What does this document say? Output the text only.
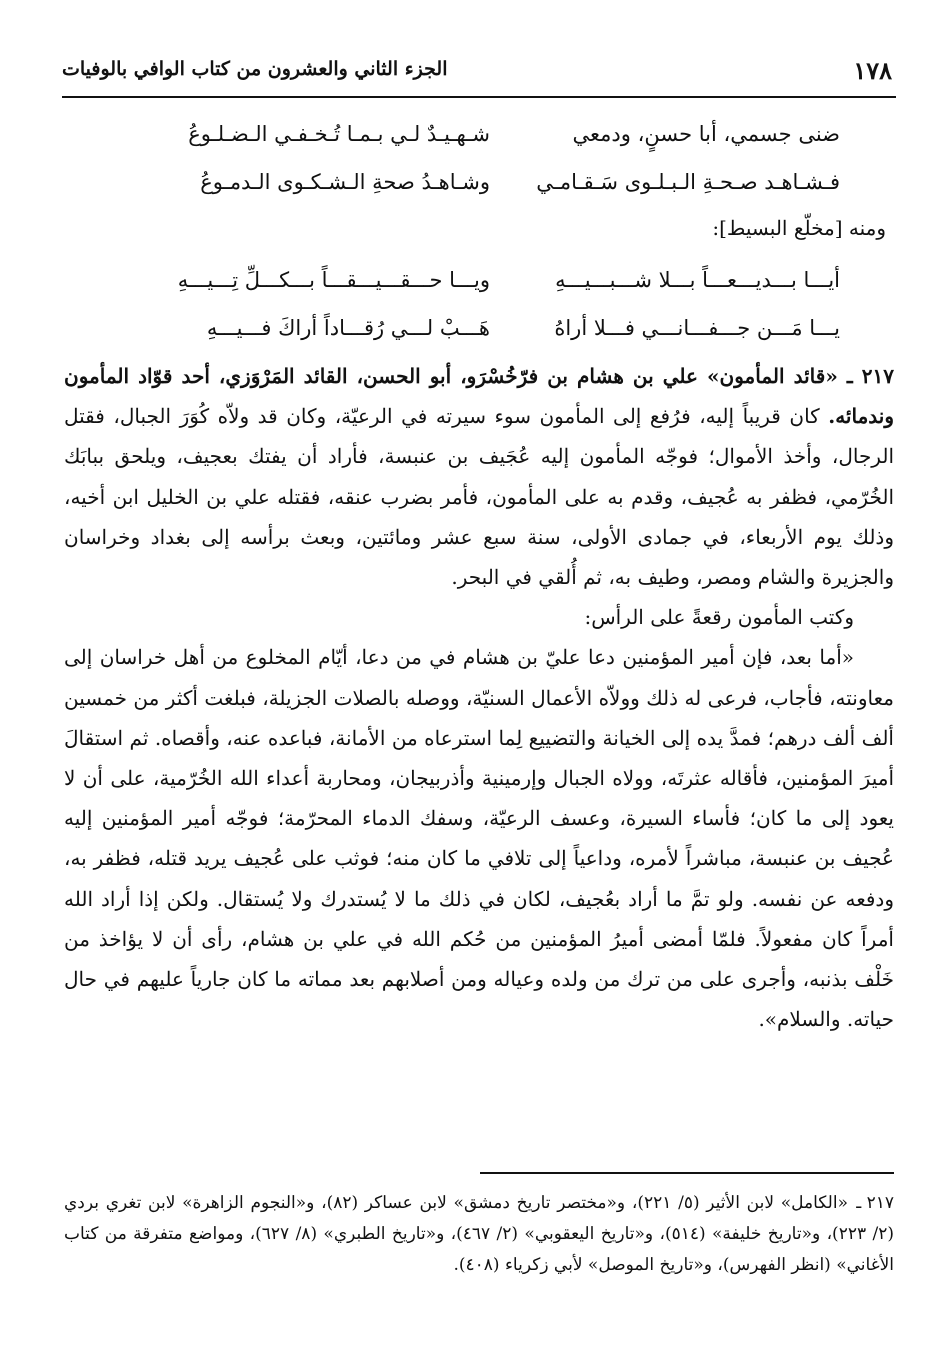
١٧٨
الجزء الثاني والعشرون من كتاب الوافي بالوفيات
ضنى جسمي، أبا حسنٍ، ودمعي
شـهـيـدٌ لـي بـمـا تُـخـفـي الـضـلـوعُ
فـشـاهـد صـحـةِ الـبـلـوى سَـقـامـي
وشـاهـدُ صحةِ الـشـكـوى الـدمـوعُ
ومنه [مخلّع البسيط]:
أيـــا بـــديـــعـــاً بـــلا شـــبـــيـــهِ
ويـــا حـــقـــيـــقـــاً بـــكـــلِّ تِـــيـــهِ
يـــا مَـــن جـــفـــانـــي فـــلا أراهُ
هَـــبْ لـــي رُقـــاداً أراكَ فـــيـــهِ

٢١٧ ـ «قائد المأمون» علي بن هشام بن فرّخُسْرَو، أبو الحسن، القائد المَرْوَزي، أحد قوّاد المأمون وندمائه. كان قريباً إليه، فرُفع إلى المأمون سوء سيرته في الرعيّة، وكان قد ولاّه كُوَرَ الجبال، فقتل الرجال، وأخذ الأموال؛ فوجّه المأمون إليه عُجَيف بن عنبسة، فأراد أن يفتك بعجيف، ويلحق ببابَك الخُرّمي، فظفر به عُجيف، وقدم به على المأمون، فأمر بضرب عنقه، فقتله علي بن الخليل ابن أخيه، وذلك يوم الأربعاء، في جمادى الأولى، سنة سبع عشر ومائتين، وبعث برأسه إلى بغداد وخراسان والجزيرة والشام ومصر، وطيف به، ثم أُلقي في البحر.

وكتب المأمون رقعةً على الرأس:

«أما بعد، فإن أمير المؤمنين دعا عليّ بن هشام في من دعا، أيّام المخلوع من أهل خراسان إلى معاونته، فأجاب، فرعى له ذلك وولاّه الأعمال السنيّة، ووصله بالصلات الجزيلة، فبلغت أكثر من خمسين ألف ألف درهم؛ فمدَّ يده إلى الخيانة والتضييع لِما استرعاه من الأمانة، فباعده عنه، وأقصاه. ثم استقالَ أميرَ المؤمنين، فأقاله عثرتَه، وولاه الجبال وإرمينية وأذربيجان، ومحاربة أعداء الله الخُرّمية، على أن لا يعود إلى ما كان؛ فأساء السيرة، وعسف الرعيّة، وسفك الدماء المحرّمة؛ فوجّه أمير المؤمنين إليه عُجيف بن عنبسة، مباشراً لأمره، وداعياً إلى تلافي ما كان منه؛ فوثب على عُجيف يريد قتله، فظفر به، ودفعه عن نفسه. ولو تمَّ ما أراد بعُجيف، لكان في ذلك ما لا يُستدرك ولا يُستقال. ولكن إذا أراد الله أمراً كان مفعولاً. فلمّا أمضى أميرُ المؤمنين من حُكم الله في علي بن هشام، رأى أن لا يؤاخذ من خَلْف بذنبه، وأجرى على من ترك من ولده وعياله ومن أصلابهم بعد مماته ما كان جارياً عليهم في حال حياته. والسلام».

٢١٧ ـ«الكامل» لابن الأثير (٥/ ٢٢١)، و«مختصر تاريخ دمشق» لابن عساكر (٨٢)، و«النجوم الزاهرة» لابن تغري بردي (٢/ ٢٢٣)، و«تاريخ خليفة» (٥١٤)، و«تاريخ اليعقوبي» (٢/ ٤٦٧)، و«تاريخ الطبري» (٨/ ٦٢٧)، ومواضع متفرقة من كتاب الأغاني» (انظر الفهرس)، و«تاريخ الموصل» لأبي زكرياء (٤٠٨).
